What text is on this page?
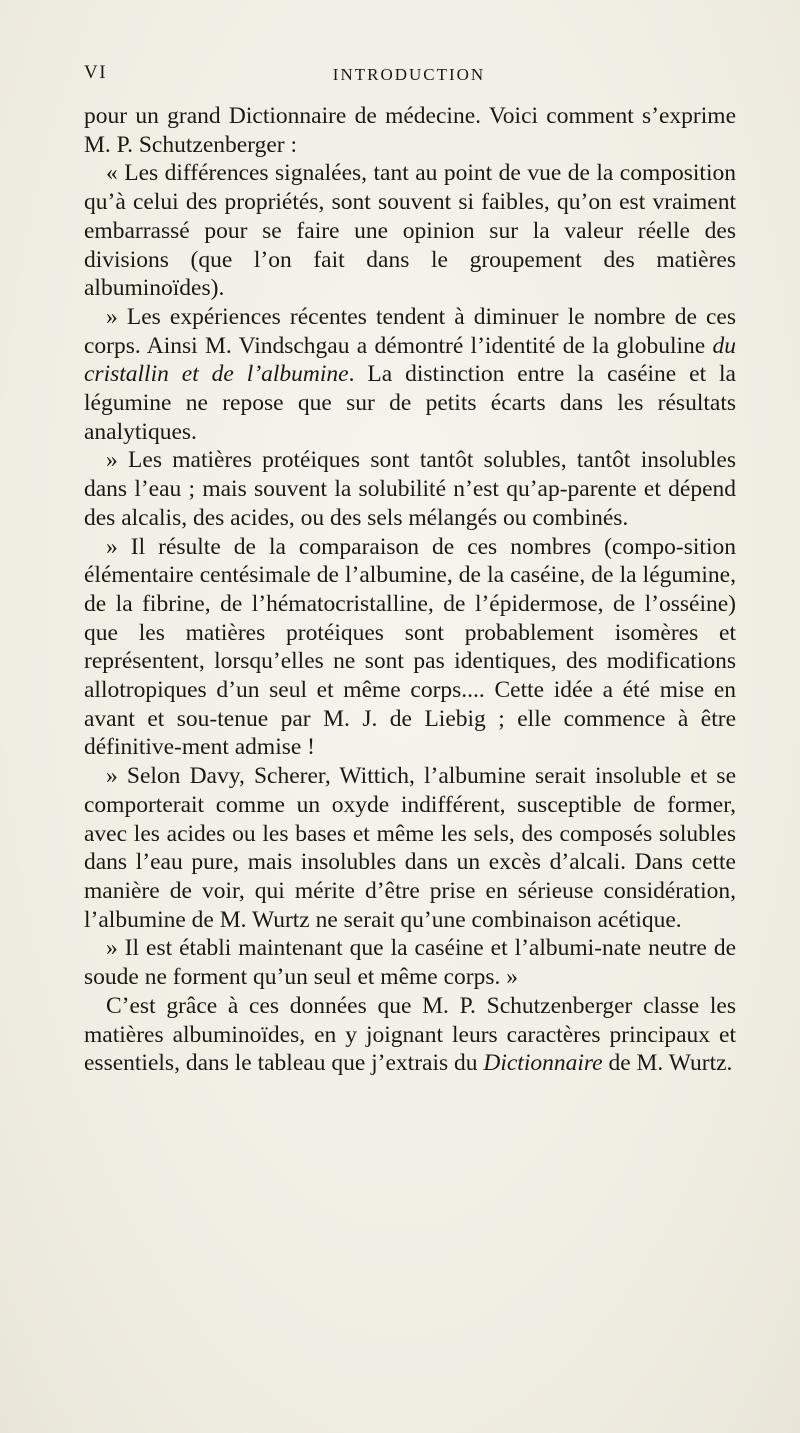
VI	INTRODUCTION

pour un grand Dictionnaire de médecine. Voici comment s’exprime M. P. Schutzenberger :

« Les différences signalées, tant au point de vue de la composition qu’à celui des propriétés, sont souvent si faibles, qu’on est vraiment embarrassé pour se faire une opinion sur la valeur réelle des divisions (que l’on fait dans le groupement des matières albuminoïdes).

» Les expériences récentes tendent à diminuer le nombre de ces corps. Ainsi M. Vindschgau a démontré l’identité de la globuline du cristallin et de l’albumine. La distinction entre la caséine et la légumine ne repose que sur de petits écarts dans les résultats analytiques.

» Les matières protéiques sont tantôt solubles, tantôt insolubles dans l’eau ; mais souvent la solubilité n’est qu’ap-parente et dépend des alcalis, des acides, ou des sels mélangés ou combinés.

» Il résulte de la comparaison de ces nombres (compo-sition élémentaire centésimale de l’albumine, de la caséine, de la légumine, de la fibrine, de l’hématocristalline, de l’épidermose, de l’osséine) que les matières protéiques sont probablement isomères et représentent, lorsqu’elles ne sont pas identiques, des modifications allotropiques d’un seul et même corps.... Cette idée a été mise en avant et sou-tenue par M. J. de Liebig ; elle commence à être définitive-ment admise !

» Selon Davy, Scherer, Wittich, l’albumine serait insoluble et se comporterait comme un oxyde indifférent, susceptible de former, avec les acides ou les bases et même les sels, des composés solubles dans l’eau pure, mais insolubles dans un excès d’alcali. Dans cette manière de voir, qui mérite d’être prise en sérieuse considération, l’albumine de M. Wurtz ne serait qu’une combinaison acétique.

» Il est établi maintenant que la caséine et l’albumi-nate neutre de soude ne forment qu’un seul et même corps. »

C’est grâce à ces données que M. P. Schutzenberger classe les matières albuminoïdes, en y joignant leurs caractères principaux et essentiels, dans le tableau que j’extrais du Dictionnaire de M. Wurtz.
